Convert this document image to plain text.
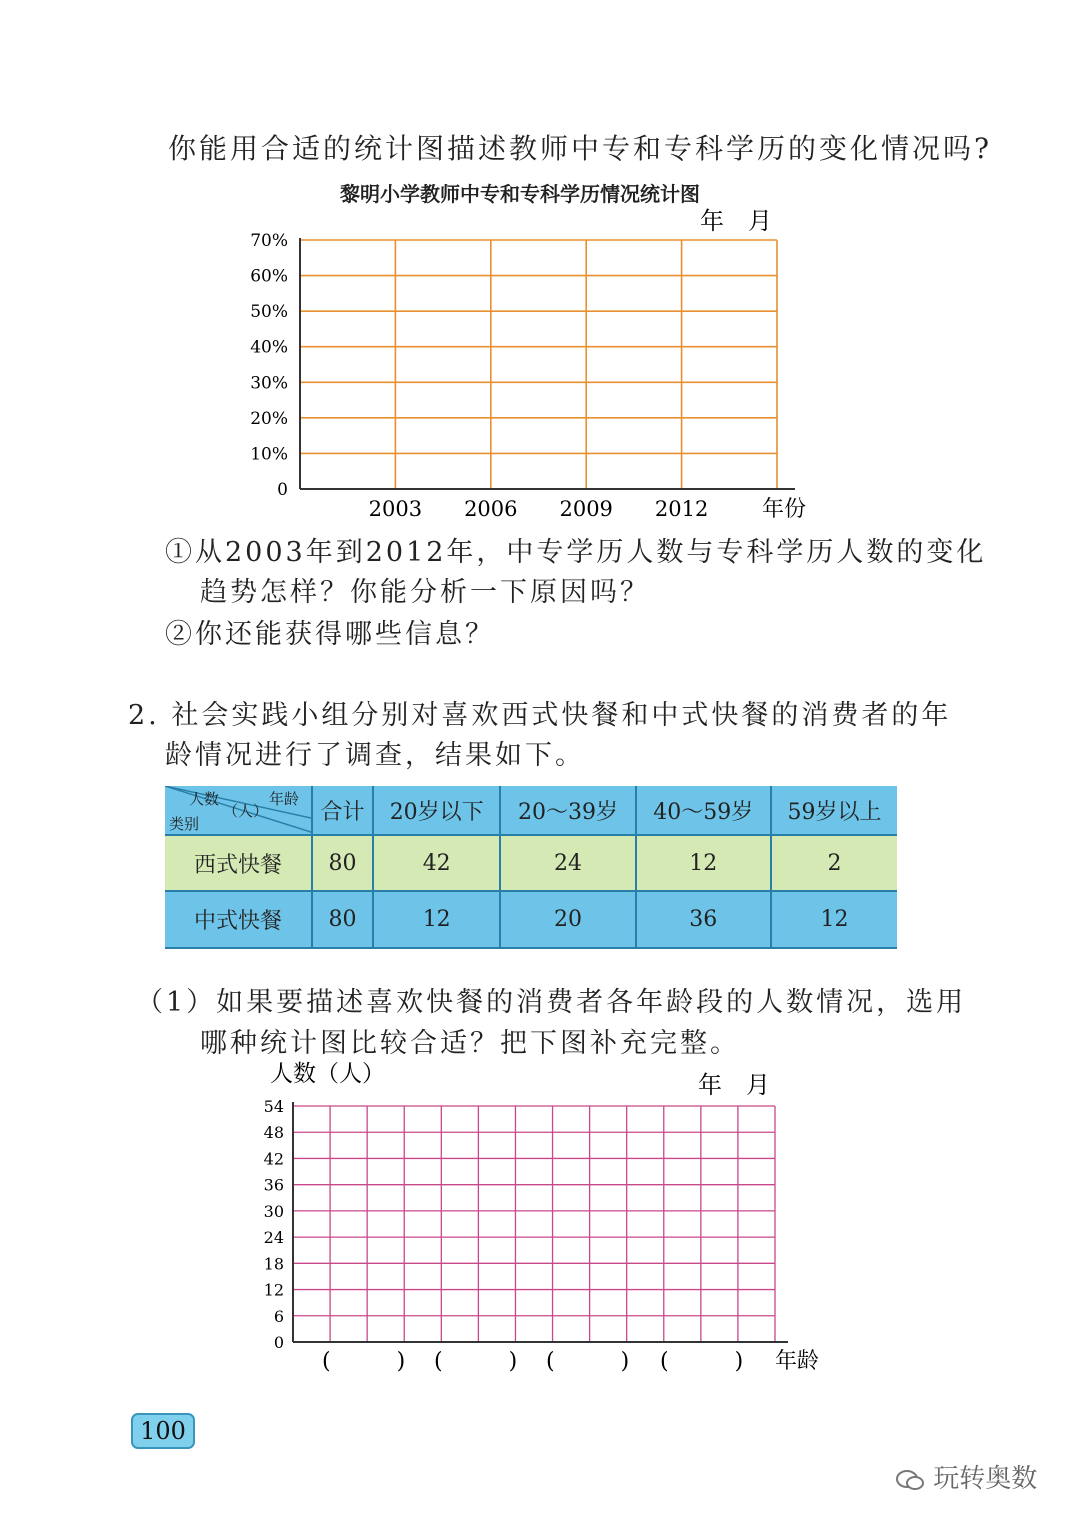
你能用合适的统计图描述教师中专和专科学历的变化情况吗?
黎明小学教师中专和专科学历情况统计图
0
10%
20%
30%
40%
50%
60%
70%
2003 2006 2009 2012
年　月
年份
①从2003年到2012年，中专学历人数与专科学历人数的变化
趋势怎样？你能分析一下原因吗？
②你还能获得哪些信息？
2. 社会实践小组分别对喜欢西式快餐和中式快餐的消费者的年
龄情况进行了调查，结果如下。
人数
（人）
年龄
类别	合计	20岁以下	20～39岁	40～59岁	59岁以上
西式快餐	80	42	24	12	2
中式快餐	80	12	20	36	12
（1）如果要描述喜欢快餐的消费者各年龄段的人数情况，选用
哪种统计图比较合适？把下图补充完整。
0
6
12
18
24
30
36
42
48
54
人数（人）	年　月
(　　　) (　　　) (　　　) (　　　) 年龄
100
玩转奥数
